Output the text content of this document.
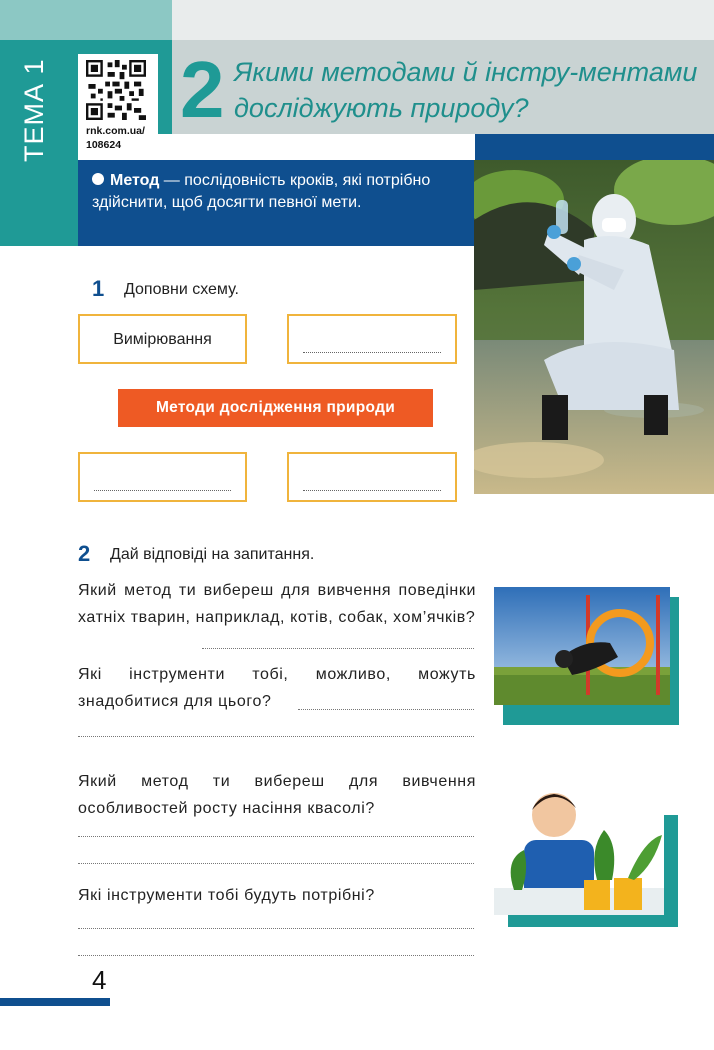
ТЕМА 1	rnk.com.ua/ 108624
2 Якими методами й інстру-ментами досліджують природу?
Метод — послідовність кроків, які потрібно здійснити, щоб досягти певної мети.
1 Доповни схему.
Вимірювання
Методи дослідження природи
2 Дай відповіді на запитання.
Який метод ти вибереш для вивчення поведінки хатніх тварин, наприклад, котів, собак, хом’ячків?
Які інструменти тобі, можливо, можуть знадобитися для цього?
Який метод ти вибереш для вивчення особливостей росту насіння квасолі?
Які інструменти тобі будуть потрібні?
4
